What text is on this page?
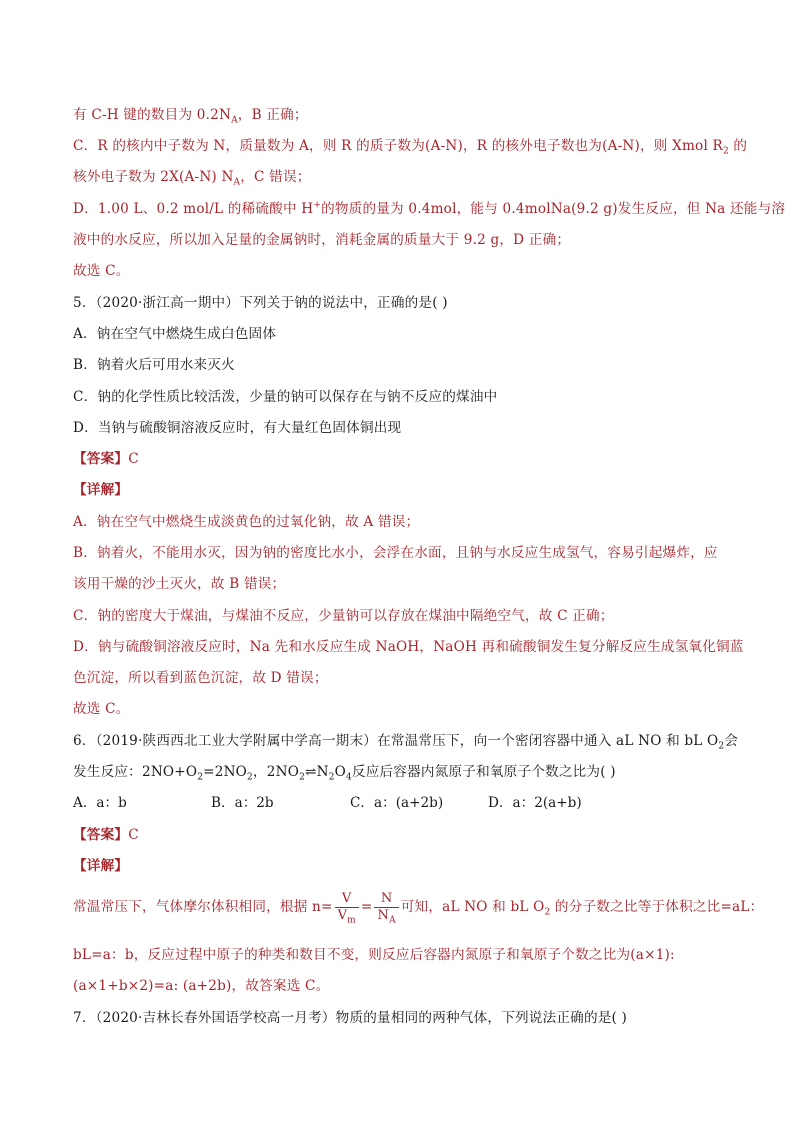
有 C-H 键的数目为 $0.2N_A$，B 正确；
C．R 的核内中子数为 N，质量数为 A，则 R 的质子数为(A-N)，R 的核外电子数也为(A-N)，则 Xmol $R_2$ 的
核外电子数为 2X(A-N) $N_A$，C 错误；
D．1.00 L、0.2 mol/L 的稀硫酸中 H+的物质的量为 0.4mol，能与 0.4molNa(9.2 g)发生反应，但 Na 还能与溶
液中的水反应，所以加入足量的金属钠时，消耗金属的质量大于 9.2 g，D 正确；
故选 C。
5．（2020·浙江高一期中）下列关于钠的说法中，正确的是( )
A．钠在空气中燃烧生成白色固体
B．钠着火后可用水来灭火
C．钠的化学性质比较活泼，少量的钠可以保存在与钠不反应的煤油中
D．当钠与硫酸铜溶液反应时，有大量红色固体铜出现
【答案】C
【详解】
A．钠在空气中燃烧生成淡黄色的过氧化钠，故 A 错误；
B．钠着火，不能用水灭，因为钠的密度比水小，会浮在水面，且钠与水反应生成氢气，容易引起爆炸，应
该用干燥的沙土灭火，故 B 错误；
C．钠的密度大于煤油，与煤油不反应，少量钠可以存放在煤油中隔绝空气，故 C 正确；
D．钠与硫酸铜溶液反应时，Na 先和水反应生成 NaOH，NaOH 再和硫酸铜发生复分解反应生成氢氧化铜蓝
色沉淀，所以看到蓝色沉淀，故 D 错误；
故选 C。
6．（2019·陕西西北工业大学附属中学高一期末）在常温常压下，向一个密闭容器中通入 aL NO 和 bL $O_2$会
发生反应：$2NO+O_2=2NO_2$，$2NO_2\rightleftharpoons N_2O_4$反应后容器内氮原子和氧原子个数之比为( )
A．a：b	B．a：2b	C．a：(a+2b)	D．a：2(a+b)
【答案】C
【详解】
常温常压下，气体摩尔体积相同，根据 $n= \frac{V}{V_m} = \frac{N}{N_A}$ 可知，aL NO 和 bL $O_2$ 的分子数之比等于体积之比=aL：
bL=a：b，反应过程中原子的种类和数目不变，则反应后容器内氮原子和氧原子个数之比为(a×1):
(a×1+b×2)=a: (a+2b)，故答案选 C。
7．（2020·吉林长春外国语学校高一月考）物质的量相同的两种气体，下列说法正确的是( )
